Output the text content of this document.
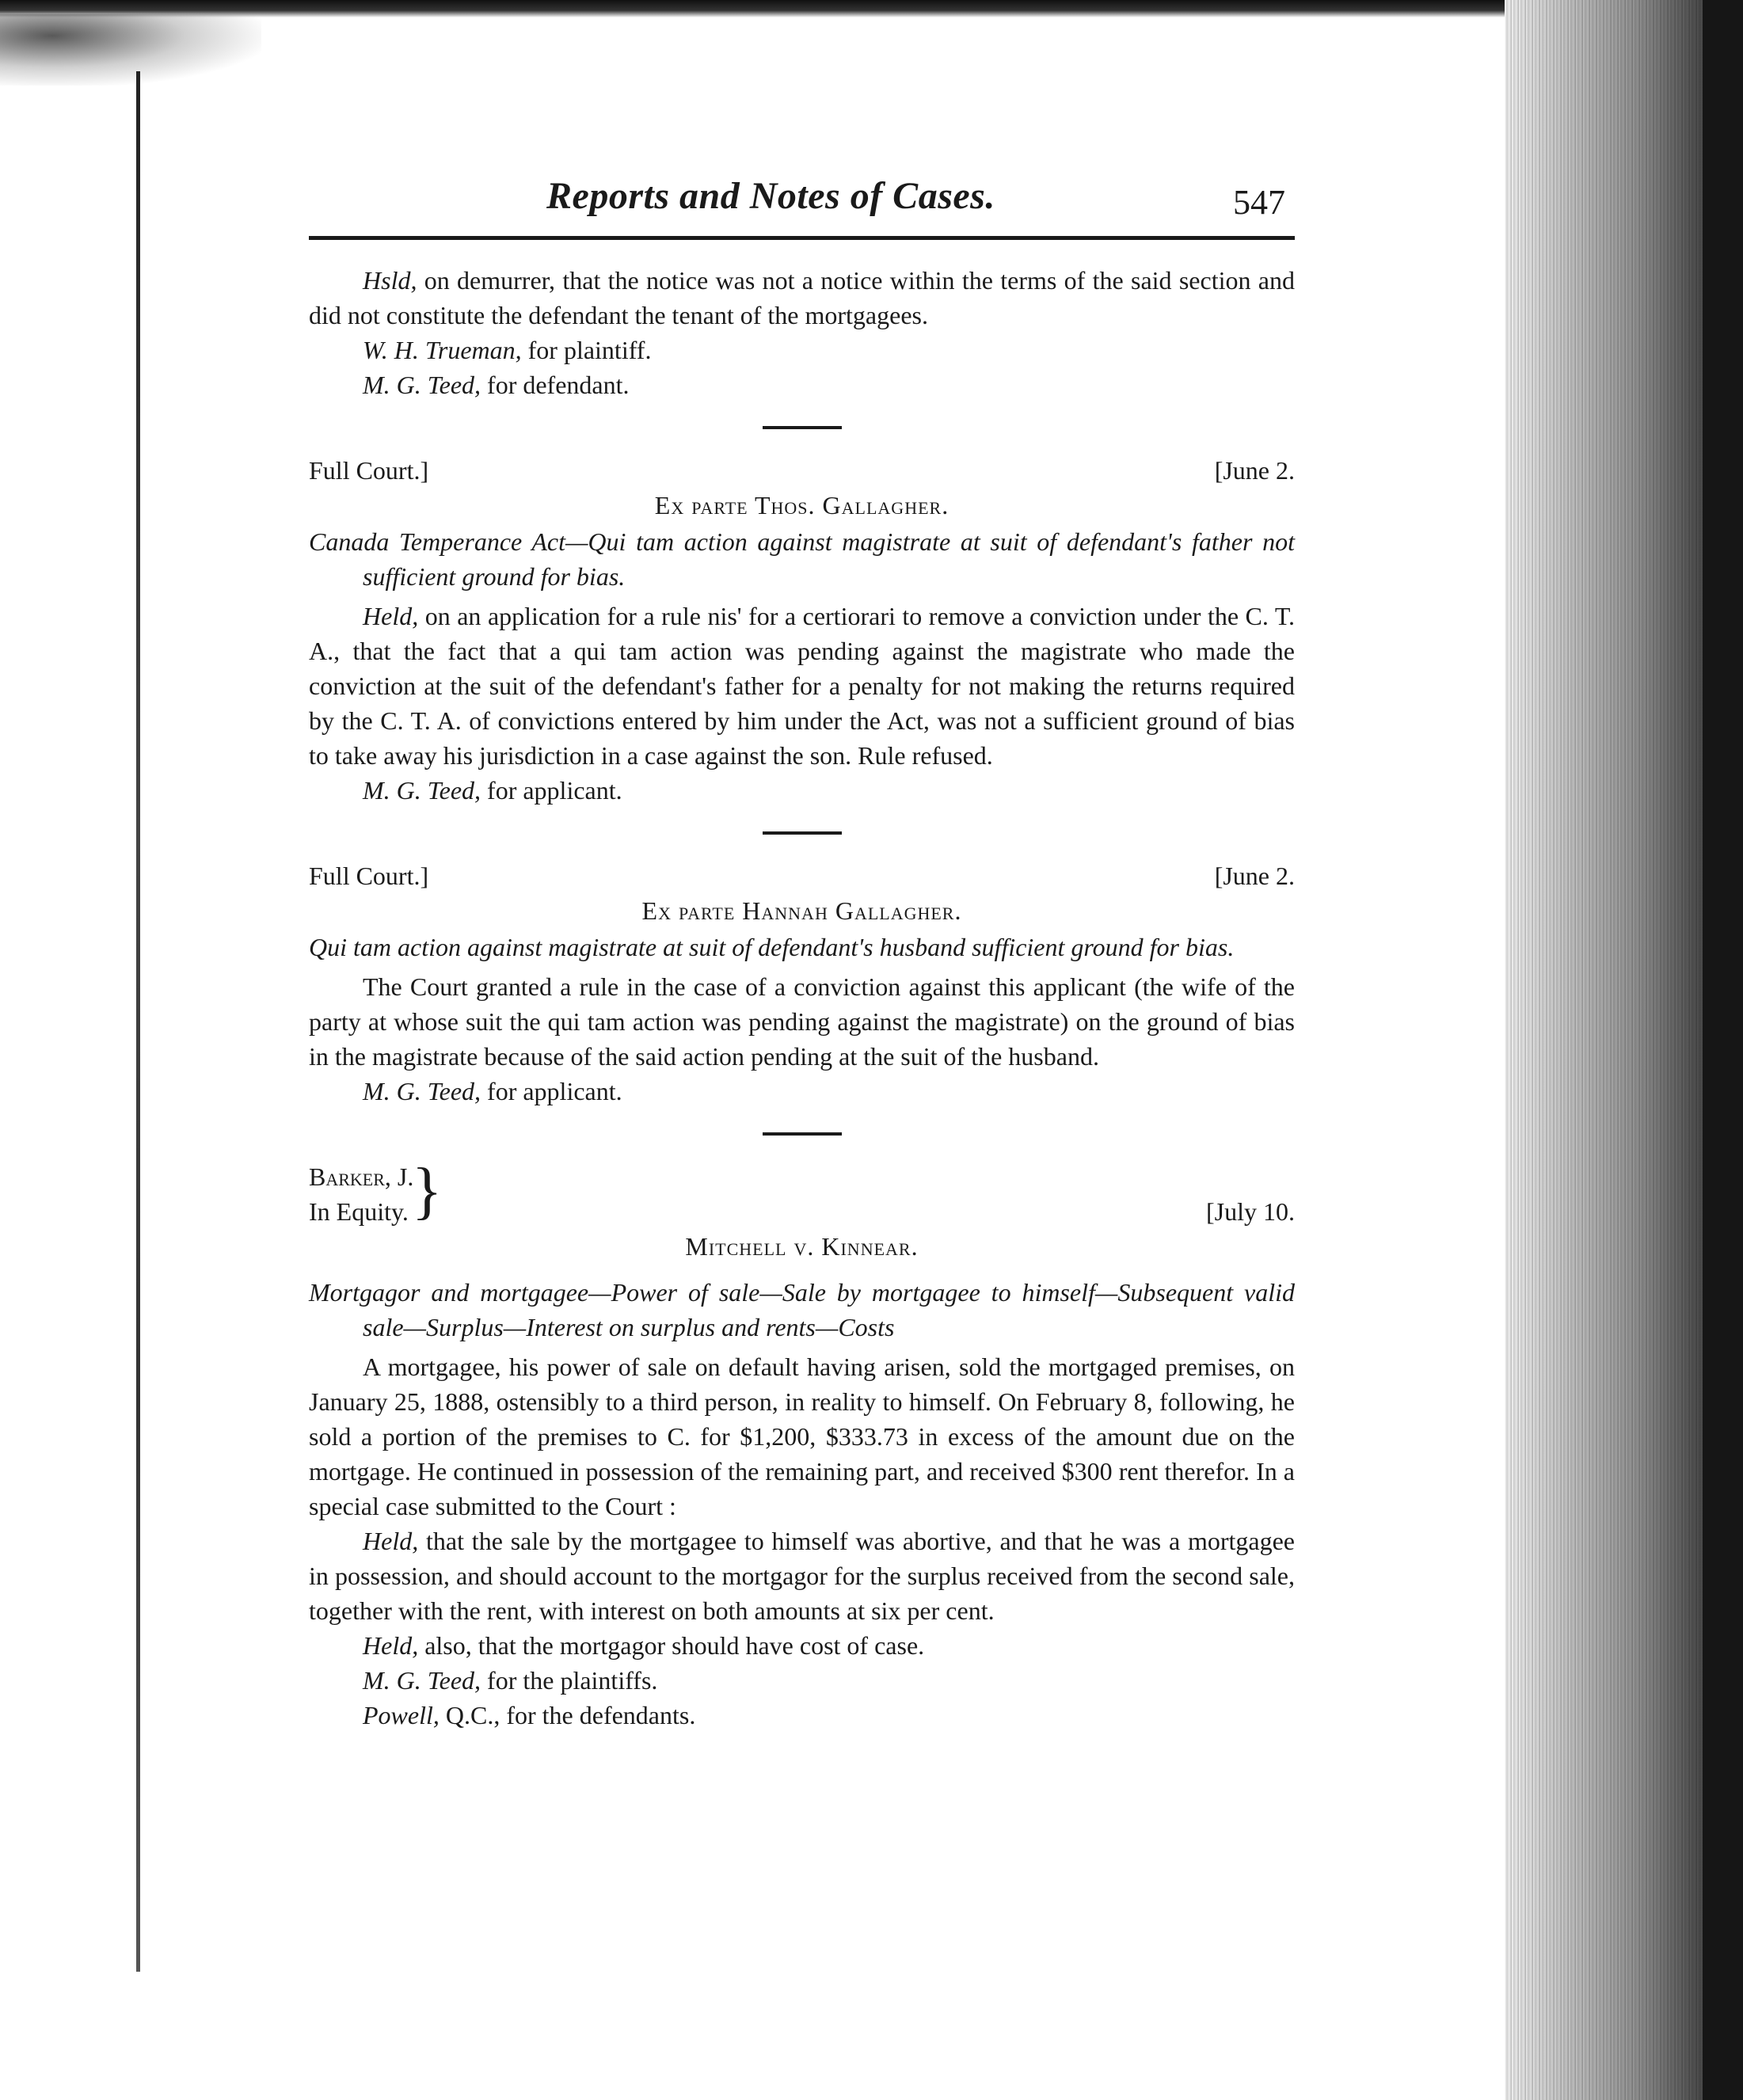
Reports and Notes of Cases.	547

Hsld, on demurrer, that the notice was not a notice within the terms of the said section and did not constitute the defendant the tenant of the mortgagees.

W. H. Trueman, for plaintiff.

M. G. Teed, for defendant.

Full Court.]	[June 2.
Ex parte Thos. Gallagher.

Canada Temperance Act—Qui tam action against magistrate at suit of defendant's father not sufficient ground for bias.

Held, on an application for a rule nis' for a certiorari to remove a conviction under the C. T. A., that the fact that a qui tam action was pending against the magistrate who made the conviction at the suit of the defendant's father for a penalty for not making the returns required by the C. T. A. of convictions entered by him under the Act, was not a sufficient ground of bias to take away his jurisdiction in a case against the son. Rule refused.

M. G. Teed, for applicant.

Full Court.]	[June 2.
Ex parte Hannah Gallagher.

Qui tam action against magistrate at suit of defendant's husband sufficient ground for bias.

The Court granted a rule in the case of a conviction against this applicant (the wife of the party at whose suit the qui tam action was pending against the magistrate) on the ground of bias in the magistrate because of the said action pending at the suit of the husband.

M. G. Teed, for applicant.

Barker, J.
In Equity. }	[July 10.
Mitchell v. Kinnear.

Mortgagor and mortgagee—Power of sale—Sale by mortgagee to himself—Subsequent valid sale—Surplus—Interest on surplus and rents—Costs

A mortgagee, his power of sale on default having arisen, sold the mortgaged premises, on January 25, 1888, ostensibly to a third person, in reality to himself. On February 8, following, he sold a portion of the premises to C. for $1,200, $333.73 in excess of the amount due on the mortgage. He continued in possession of the remaining part, and received $300 rent therefor. In a special case submitted to the Court :

Held, that the sale by the mortgagee to himself was abortive, and that he was a mortgagee in possession, and should account to the mortgagor for the surplus received from the second sale, together with the rent, with interest on both amounts at six per cent.

Held, also, that the mortgagor should have cost of case.

M. G. Teed, for the plaintiffs.

Powell, Q.C., for the defendants.
